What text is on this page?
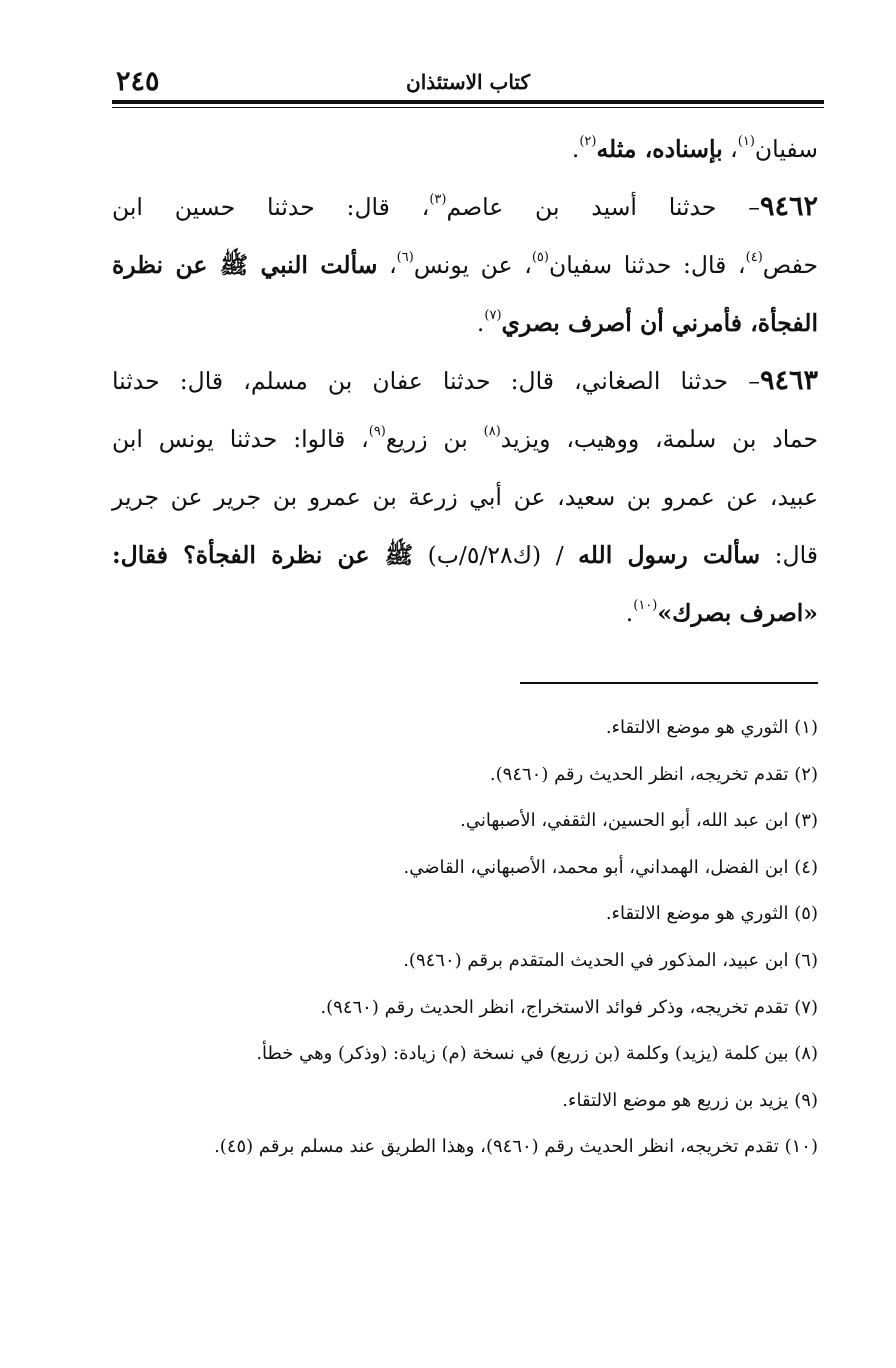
كتاب الاستئذان
٢٤٥
سفيان$^{(١)}$، بإسناده، مثله$^{(٢)}$.
٩٤٦٢– حدثنا أسيد بن عاصم$^{(٣)}$، قال: حدثنا حسين ابن
حفص$^{(٤)}$، قال: حدثنا سفيان$^{(٥)}$، عن يونس$^{(٦)}$، سألت النبي ﷺ عن نظرة
الفجأة، فأمرني أن أصرف بصري$^{(٧)}$.
٩٤٦٣– حدثنا الصغاني، قال: حدثنا عفان بن مسلم، قال: حدثنا
حماد بن سلمة، ووهيب، ويزيد$^{(٨)}$ بن زريع$^{(٩)}$، قالوا: حدثنا يونس ابن
عبيد، عن عمرو بن سعيد، عن أبي زرعة بن عمرو بن جرير عن جرير
قال: سألت رسول الله / (ك٥/٢٨/ب) ﷺ عن نظرة الفجأة؟ فقال:
«اصرف بصرك»$^{(١٠)}$.
(١) الثوري هو موضع الالتقاء.
(٢) تقدم تخريجه، انظر الحديث رقم (٩٤٦٠).
(٣) ابن عبد الله، أبو الحسين، الثقفي، الأصبهاني.
(٤) ابن الفضل، الهمداني، أبو محمد، الأصبهاني، القاضي.
(٥) الثوري هو موضع الالتقاء.
(٦) ابن عبيد، المذكور في الحديث المتقدم برقم (٩٤٦٠).
(٧) تقدم تخريجه، وذكر فوائد الاستخراج، انظر الحديث رقم (٩٤٦٠).
(٨) بين كلمة (يزيد) وكلمة (بن زريع) في نسخة (م) زيادة: (وذكر) وهي خطأ.
(٩) يزيد بن زريع هو موضع الالتقاء.
(١٠) تقدم تخريجه، انظر الحديث رقم (٩٤٦٠)، وهذا الطريق عند مسلم برقم (٤٥).
